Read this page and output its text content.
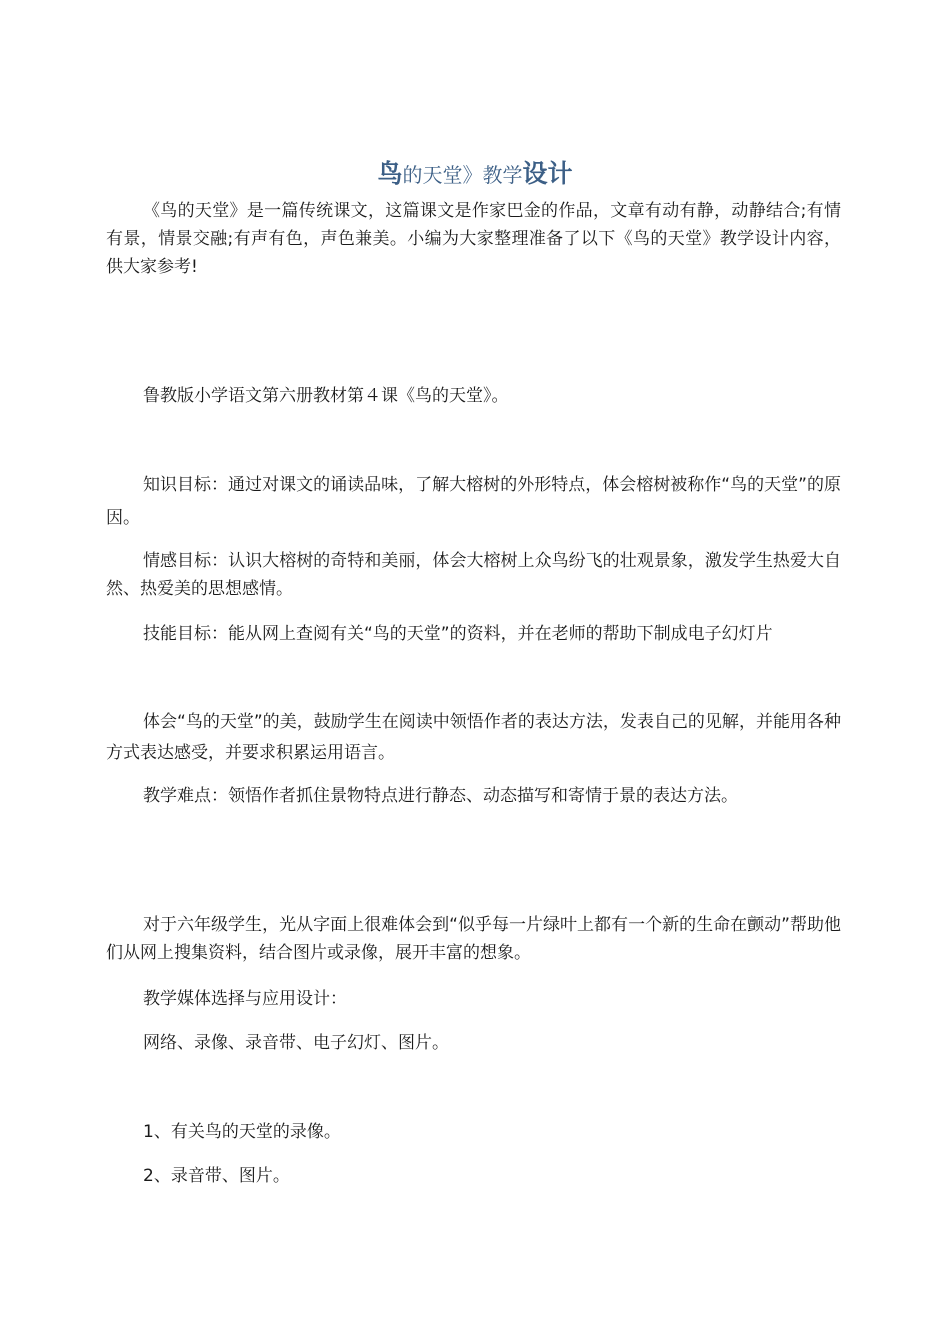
鸟的天堂》教学设计

《鸟的天堂》是一篇传统课文，这篇课文是作家巴金的作品，文章有动有静，动静结合;有情有景，情景交融;有声有色，声色兼美。小编为大家整理准备了以下《鸟的天堂》教学设计内容，供大家参考!

鲁教版小学语文第六册教材第４课《鸟的天堂》。

知识目标：通过对课文的诵读品味，了解大榕树的外形特点，体会榕树被称作“鸟的天堂”的原因。

情感目标：认识大榕树的奇特和美丽，体会大榕树上众鸟纷飞的壮观景象，激发学生热爱大自然、热爱美的思想感情。

技能目标：能从网上查阅有关“鸟的天堂”的资料，并在老师的帮助下制成电子幻灯片

体会“鸟的天堂”的美，鼓励学生在阅读中领悟作者的表达方法，发表自己的见解，并能用各种方式表达感受，并要求积累运用语言。

教学难点：领悟作者抓住景物特点进行静态、动态描写和寄情于景的表达方法。

对于六年级学生，光从字面上很难体会到“似乎每一片绿叶上都有一个新的生命在颤动”帮助他们从网上搜集资料，结合图片或录像，展开丰富的想象。

教学媒体选择与应用设计：

网络、录像、录音带、电子幻灯、图片。

1、有关鸟的天堂的录像。

2、录音带、图片。
